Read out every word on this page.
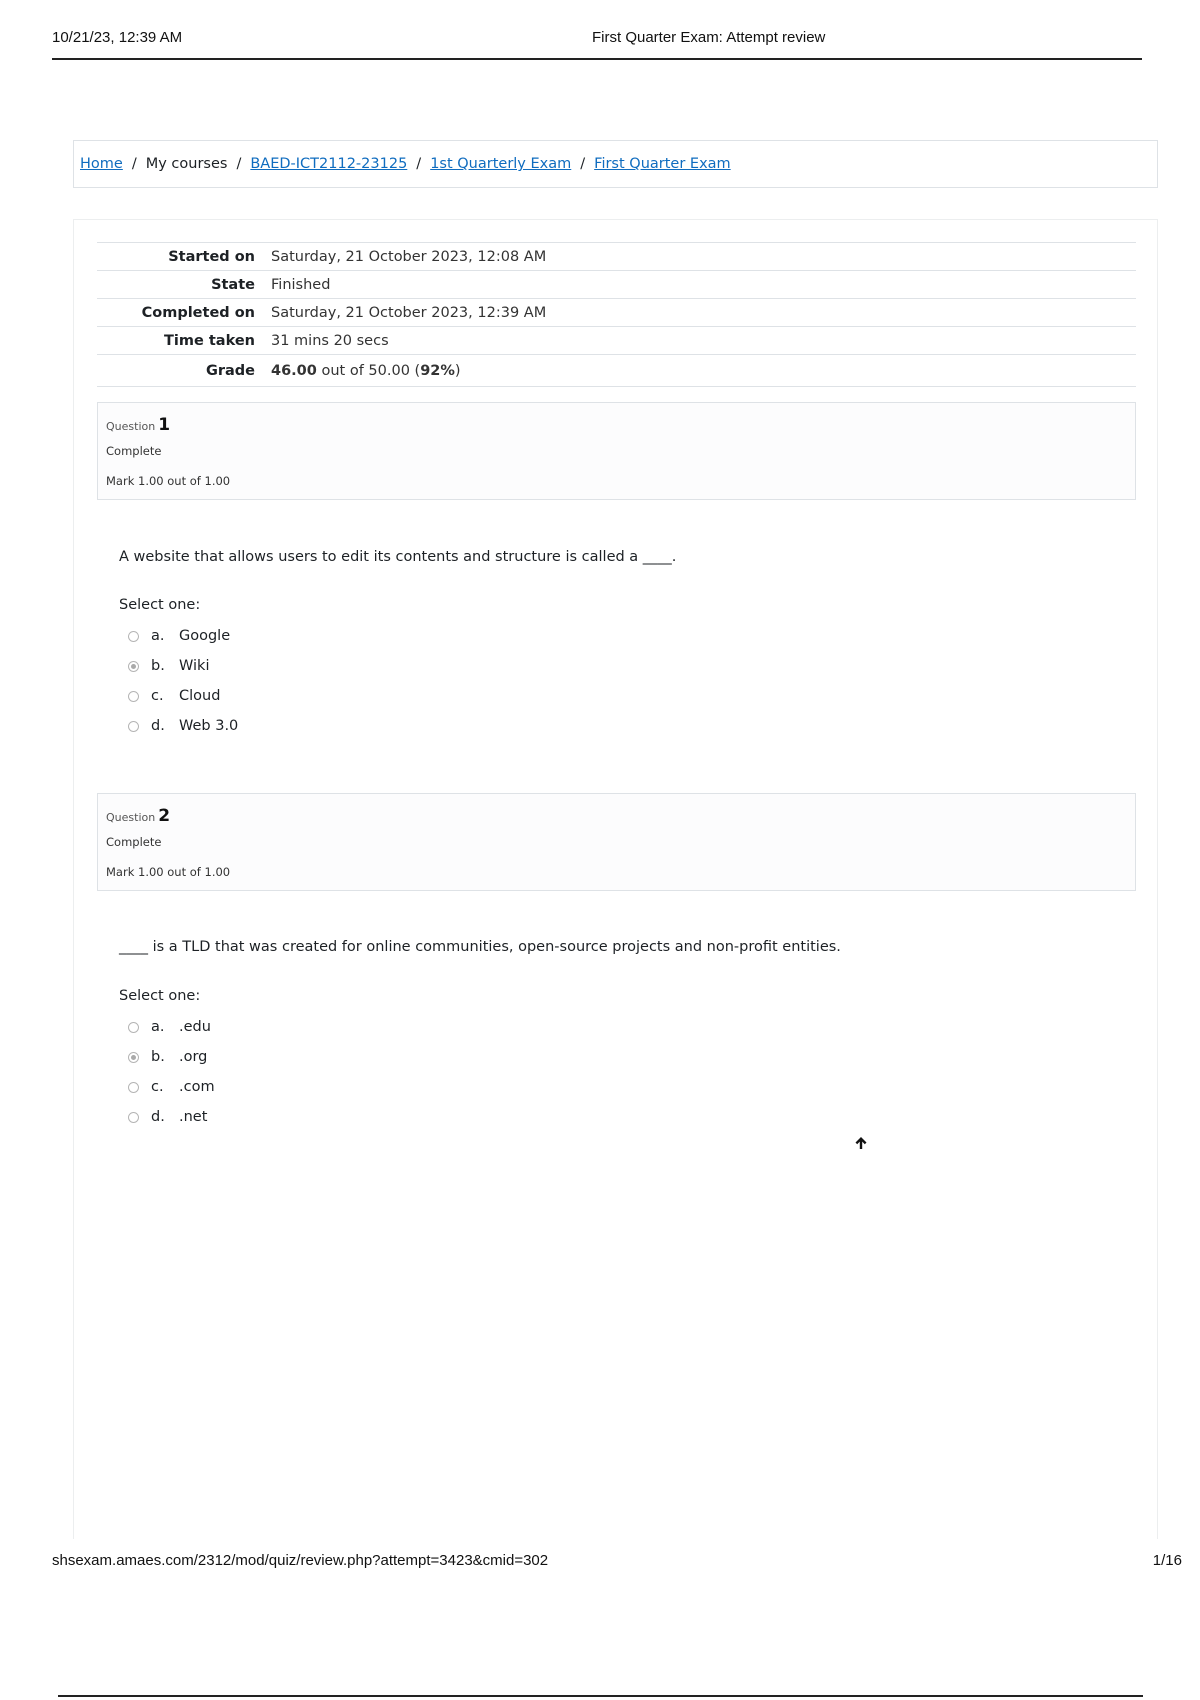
10/21/23, 12:39 AM	First Quarter Exam: Attempt review
Home / My courses / BAED-ICT2112-23125 / 1st Quarterly Exam / First Quarter Exam
Started on	Saturday, 21 October 2023, 12:08 AM
State	Finished
Completed on	Saturday, 21 October 2023, 12:39 AM
Time taken	31 mins 20 secs
Grade	46.00 out of 50.00 (92%)
Question 1
Complete
Mark 1.00 out of 1.00
A website that allows users to edit its contents and structure is called a ____.
Select one:
a.	Google
b. Wiki
c.	Cloud
d. Web 3.0
Question 2
Complete
Mark 1.00 out of 1.00
____ is a TLD that was created for online communities, open-source projects and non-profit entities.
Select one:
a.	.edu
b. .org
c.	.com
d. .net
shsexam.amaes.com/2312/mod/quiz/review.php?attempt=3423&cmid=302	1/16
